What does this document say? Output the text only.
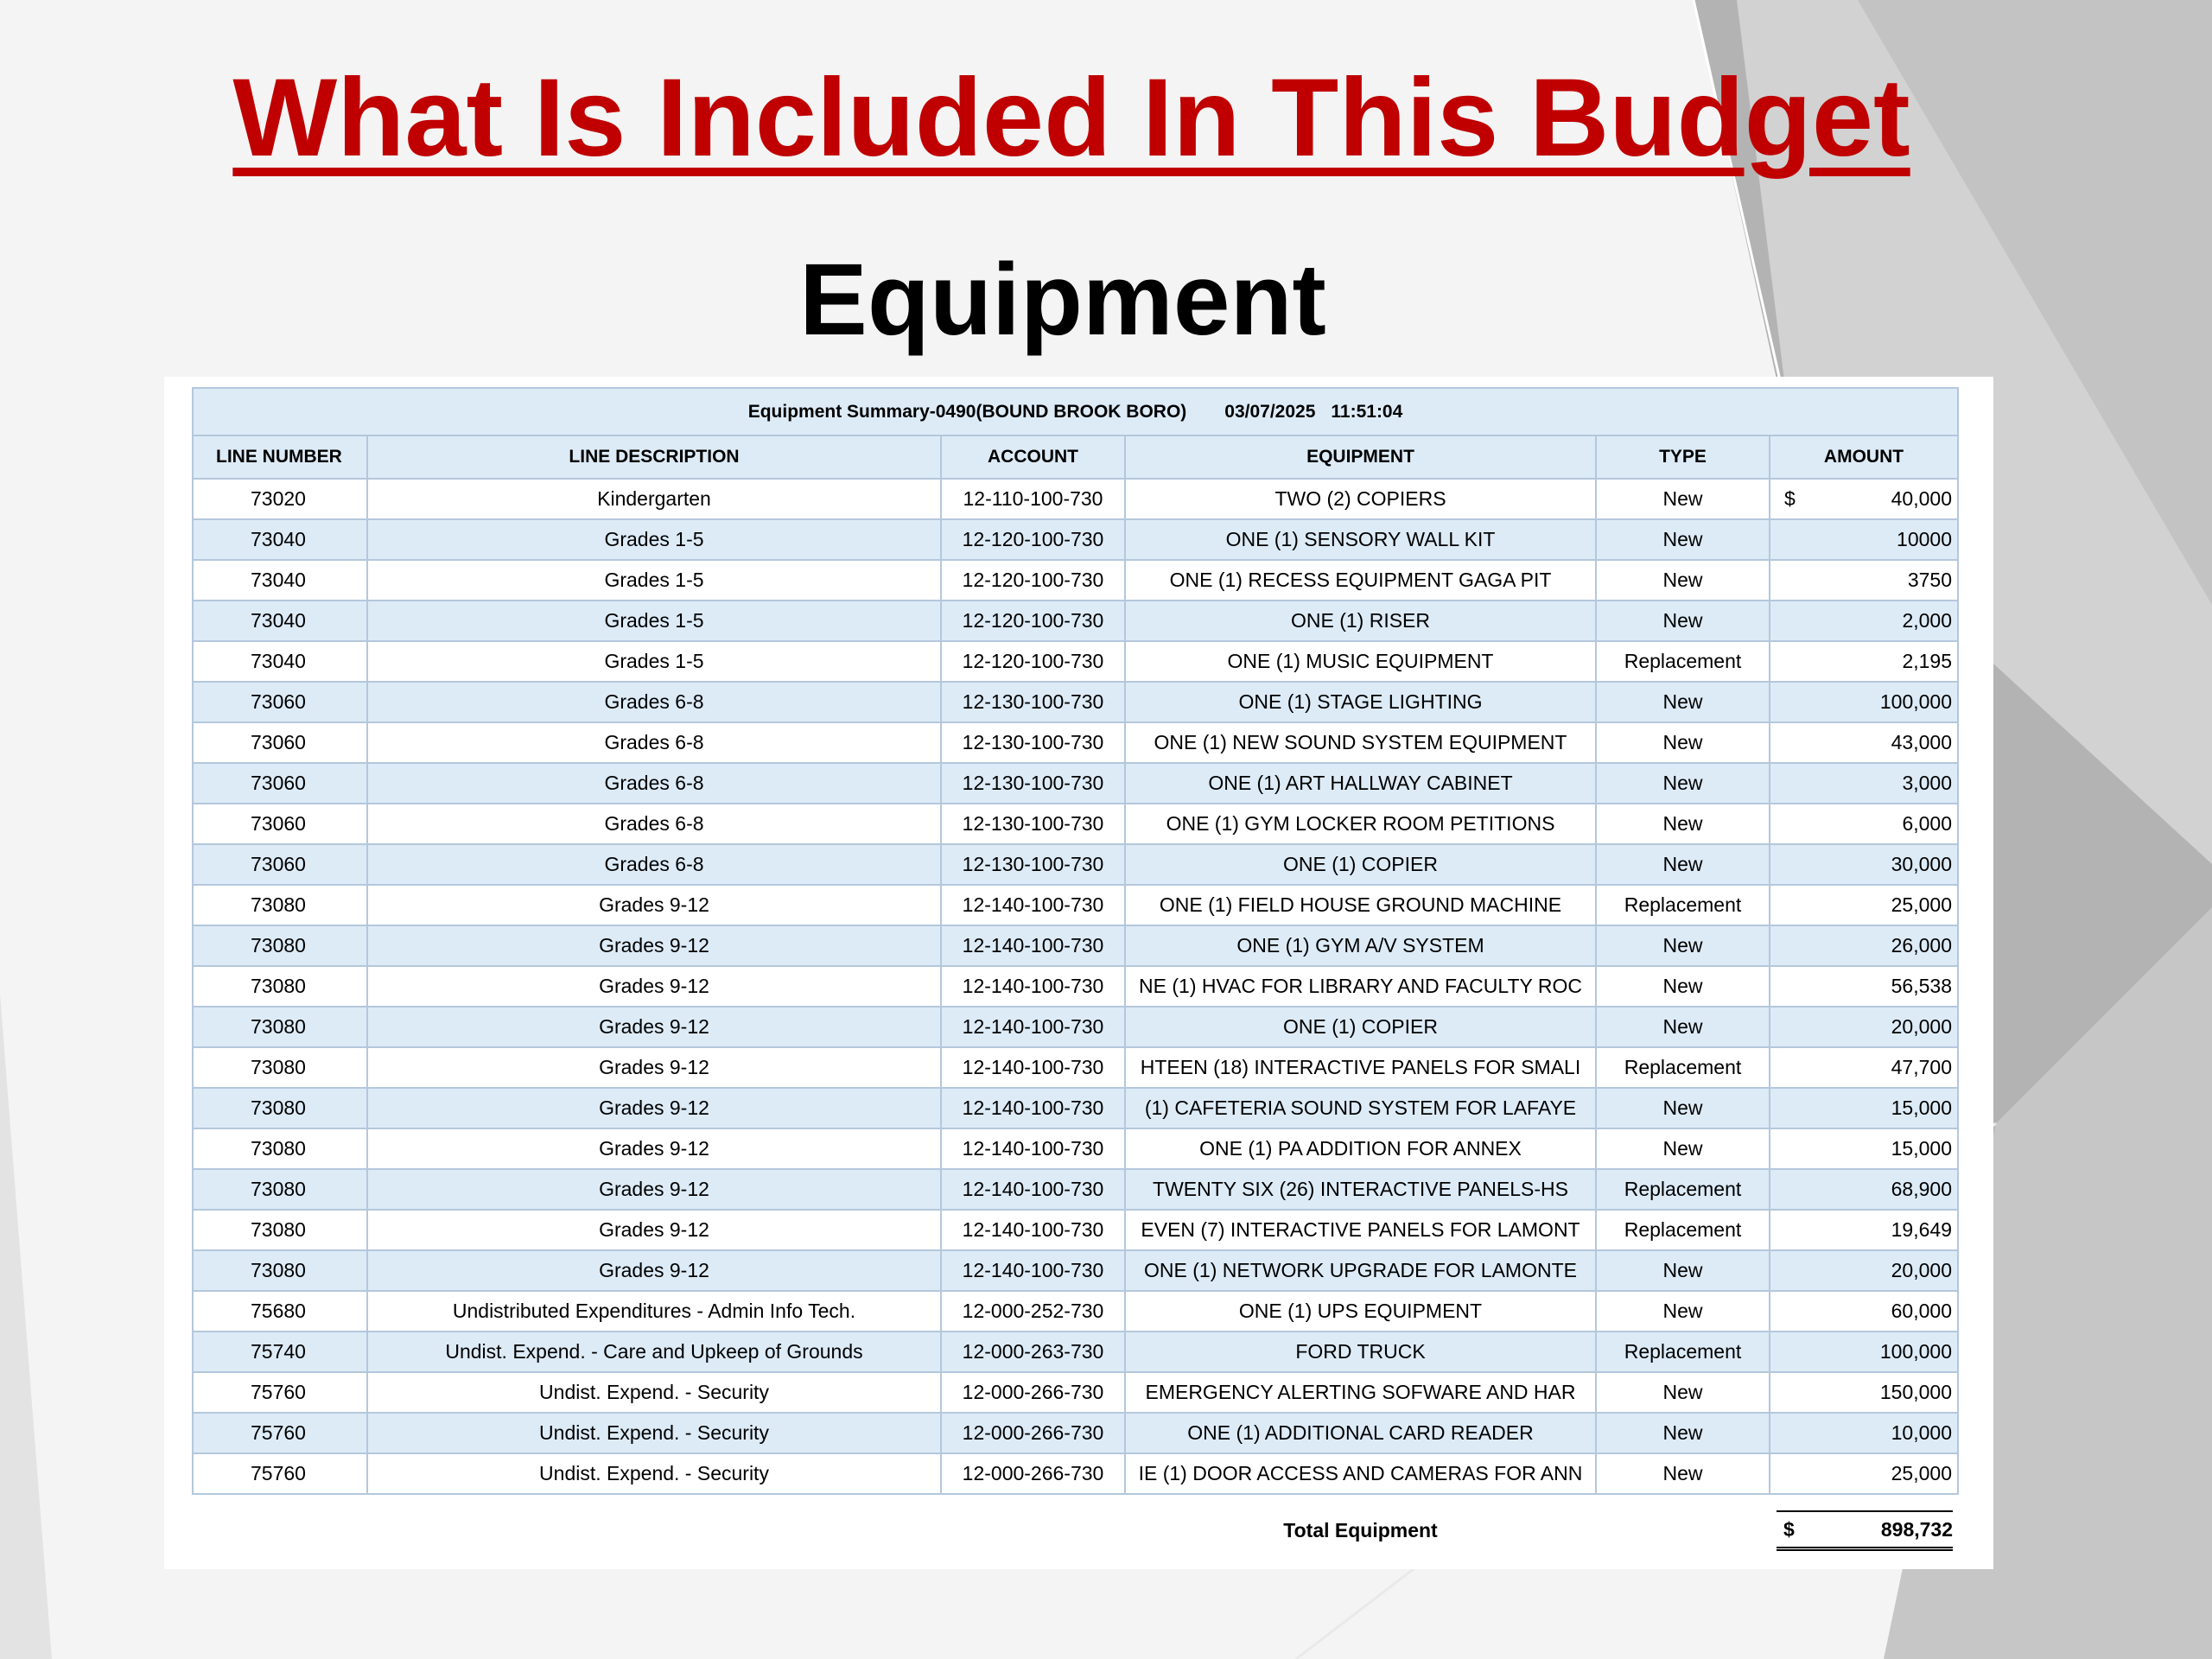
What Is Included In This Budget
Equipment
Equipment Summary-0490(BOUND BROOK BORO) 03/07/2025 11:51:04					
LINE NUMBER	LINE DESCRIPTION	ACCOUNT	EQUIPMENT	TYPE	AMOUNT
73020	Kindergarten	12-110-100-730	TWO (2) COPIERS	New	$ 40,000
73040	Grades 1-5	12-120-100-730	ONE (1) SENSORY WALL KIT	New	10000
73040	Grades 1-5	12-120-100-730	ONE (1) RECESS EQUIPMENT GAGA PIT	New	3750
73040	Grades 1-5	12-120-100-730	ONE (1) RISER	New	2,000
73040	Grades 1-5	12-120-100-730	ONE (1) MUSIC EQUIPMENT	Replacement	2,195
73060	Grades 6-8	12-130-100-730	ONE (1) STAGE LIGHTING	New	100,000
73060	Grades 6-8	12-130-100-730	ONE (1) NEW SOUND SYSTEM EQUIPMENT	New	43,000
73060	Grades 6-8	12-130-100-730	ONE (1) ART HALLWAY CABINET	New	3,000
73060	Grades 6-8	12-130-100-730	ONE (1) GYM LOCKER ROOM PETITIONS	New	6,000
73060	Grades 6-8	12-130-100-730	ONE (1) COPIER	New	30,000
73080	Grades 9-12	12-140-100-730	ONE (1) FIELD HOUSE GROUND MACHINE	Replacement	25,000
73080	Grades 9-12	12-140-100-730	ONE (1) GYM A/V SYSTEM	New	26,000
73080	Grades 9-12	12-140-100-730	NE (1) HVAC FOR LIBRARY AND FACULTY ROC	New	56,538
73080	Grades 9-12	12-140-100-730	ONE (1) COPIER	New	20,000
73080	Grades 9-12	12-140-100-730	HTEEN (18) INTERACTIVE PANELS FOR SMALI	Replacement	47,700
73080	Grades 9-12	12-140-100-730	(1) CAFETERIA SOUND SYSTEM FOR LAFAYE	New	15,000
73080	Grades 9-12	12-140-100-730	ONE (1) PA ADDITION FOR ANNEX	New	15,000
73080	Grades 9-12	12-140-100-730	TWENTY SIX (26) INTERACTIVE PANELS-HS	Replacement	68,900
73080	Grades 9-12	12-140-100-730	EVEN (7) INTERACTIVE PANELS FOR LAMONT	Replacement	19,649
73080	Grades 9-12	12-140-100-730	ONE (1) NETWORK UPGRADE FOR LAMONTE	New	20,000
75680	Undistributed Expenditures - Admin Info Tech.	12-000-252-730	ONE (1) UPS EQUIPMENT	New	60,000
75740	Undist. Expend. - Care and Upkeep of Grounds	12-000-263-730	FORD TRUCK	Replacement	100,000
75760	Undist. Expend. - Security	12-000-266-730	EMERGENCY ALERTING SOFWARE AND HAR	New	150,000
75760	Undist. Expend. - Security	12-000-266-730	ONE (1) ADDITIONAL CARD READER	New	10,000
75760	Undist. Expend. - Security	12-000-266-730	IE (1) DOOR ACCESS AND CAMERAS FOR ANN	New	25,000
			Total Equipment		$ 898,732
